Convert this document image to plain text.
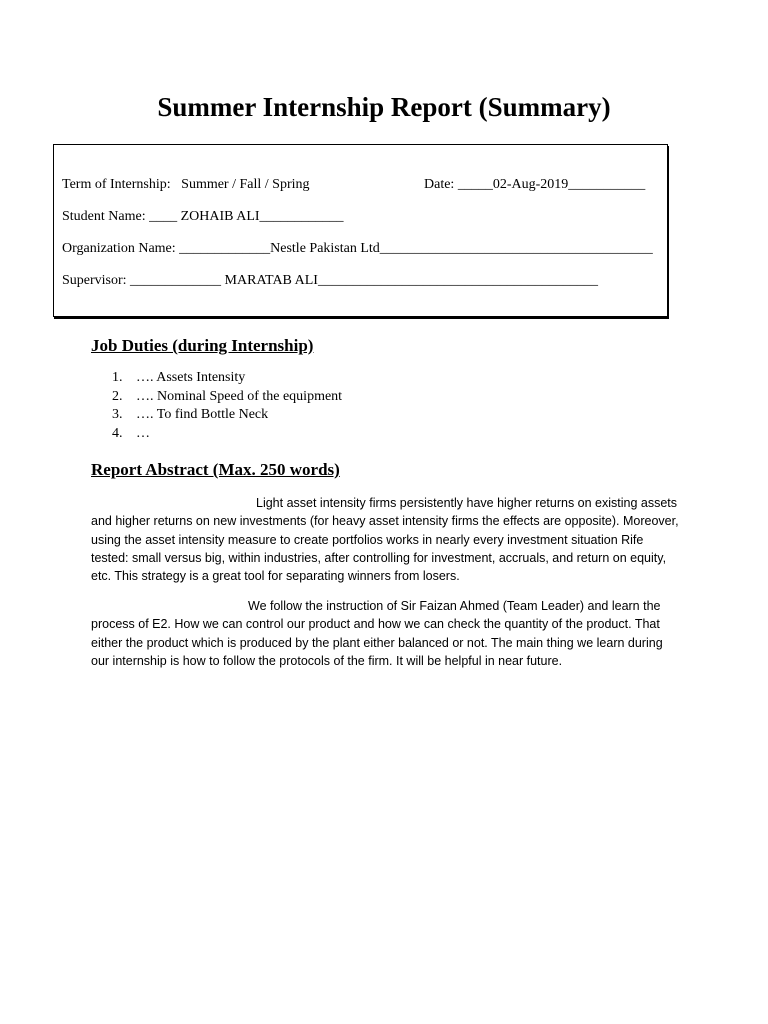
Summer Internship Report (Summary)
Term of Internship:   Summer / Fall / Spring	Date: _____02-Aug-2019___________
Student Name: ____ ZOHAIB ALI____________
Organization Name: _____________Nestle Pakistan Ltd_______________________________________
Supervisor: _____________ MARATAB ALI________________________________________
Job Duties (during Internship)
1. …. Assets Intensity
2. …. Nominal Speed of the equipment
3. …. To find Bottle Neck
4. …
Report Abstract (Max. 250 words)

Light asset intensity firms persistently have higher returns on existing assets and higher returns on new investments (for heavy asset intensity firms the effects are opposite). Moreover, using the asset intensity measure to create portfolios works in nearly every investment situation Rife tested: small versus big, within industries, after controlling for investment, accruals, and return on equity, etc. This strategy is a great tool for separating winners from losers.

We follow the instruction of Sir Faizan Ahmed (Team Leader) and learn the process of E2. How we can control our product and how we can check the quantity of the product. That either the product which is produced by the plant either balanced or not. The main thing we learn during our internship is how to follow the protocols of the firm. It will be helpful in near future.
